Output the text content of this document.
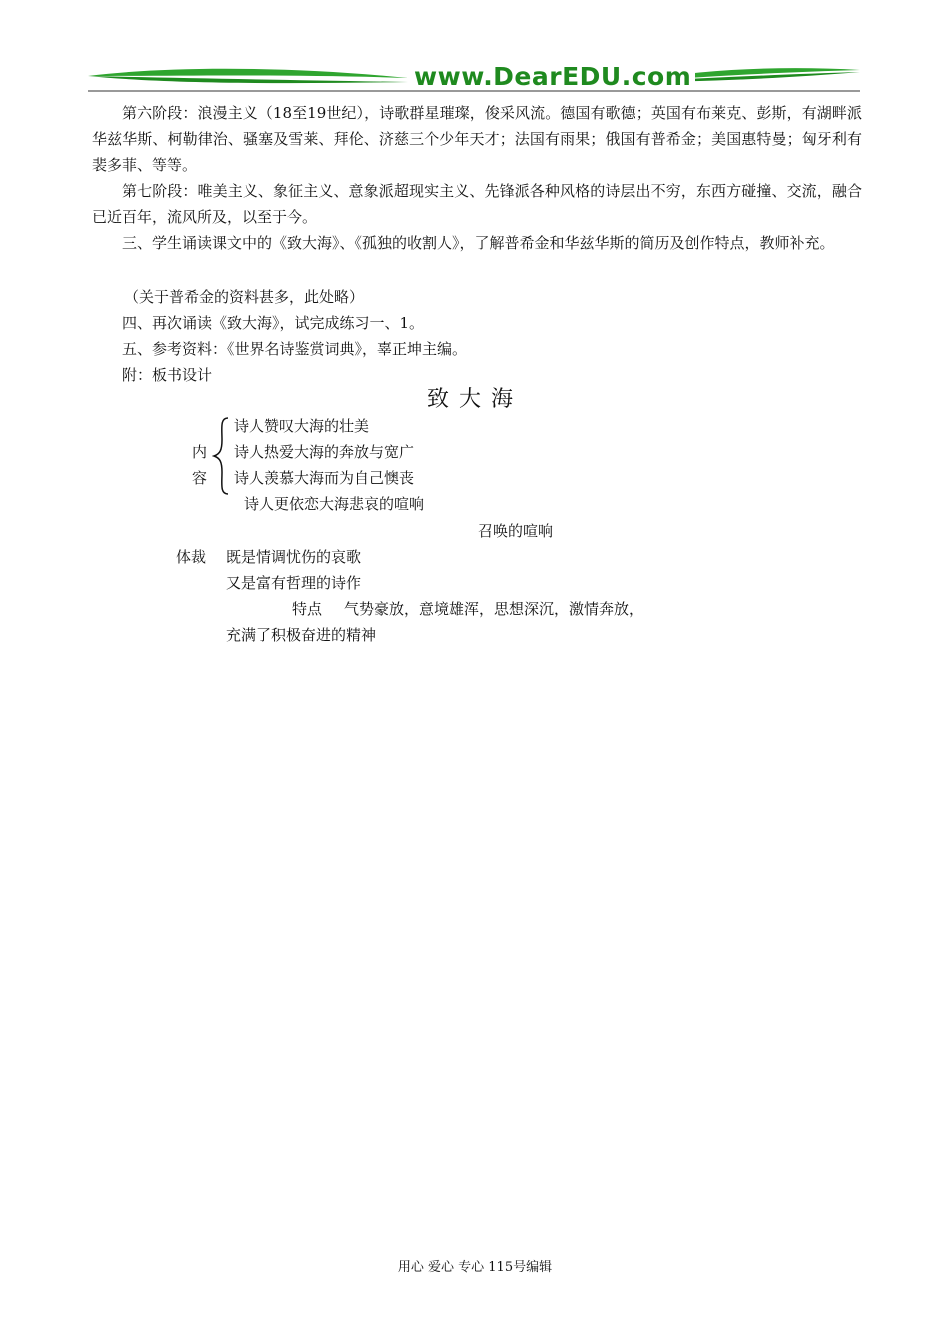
www.DearEDU.com

第六阶段：浪漫主义（18至19世纪），诗歌群星璀璨，俊采风流。德国有歌德；英国有布莱克、彭斯，有湖畔派华兹华斯、柯勒律治、骚塞及雪莱、拜伦、济慈三个少年天才；法国有雨果；俄国有普希金；美国惠特曼；匈牙利有裴多菲、等等。

第七阶段：唯美主义、象征主义、意象派超现实主义、先锋派各种风格的诗层出不穷，东西方碰撞、交流，融合已近百年，流风所及，以至于今。

三、学生诵读课文中的《致大海》、《孤独的收割人》，了解普希金和华兹华斯的简历及创作特点，教师补充。

（关于普希金的资料甚多，此处略）
四、再次诵读《致大海》，试完成练习一、1。
五、参考资料：《世界名诗鉴赏词典》，辜正坤主编。
附：板书设计
致大海
内
容
诗人赞叹大海的壮美
诗人热爱大海的奔放与宽广
诗人羡慕大海而为自己懊丧
诗人更依恋大海悲哀的喧响
召唤的喧响
体裁 既是情调忧伤的哀歌
又是富有哲理的诗作
特点 气势豪放，意境雄浑，思想深沉，激情奔放，
充满了积极奋进的精神
用心 爱心 专心 115号编辑
